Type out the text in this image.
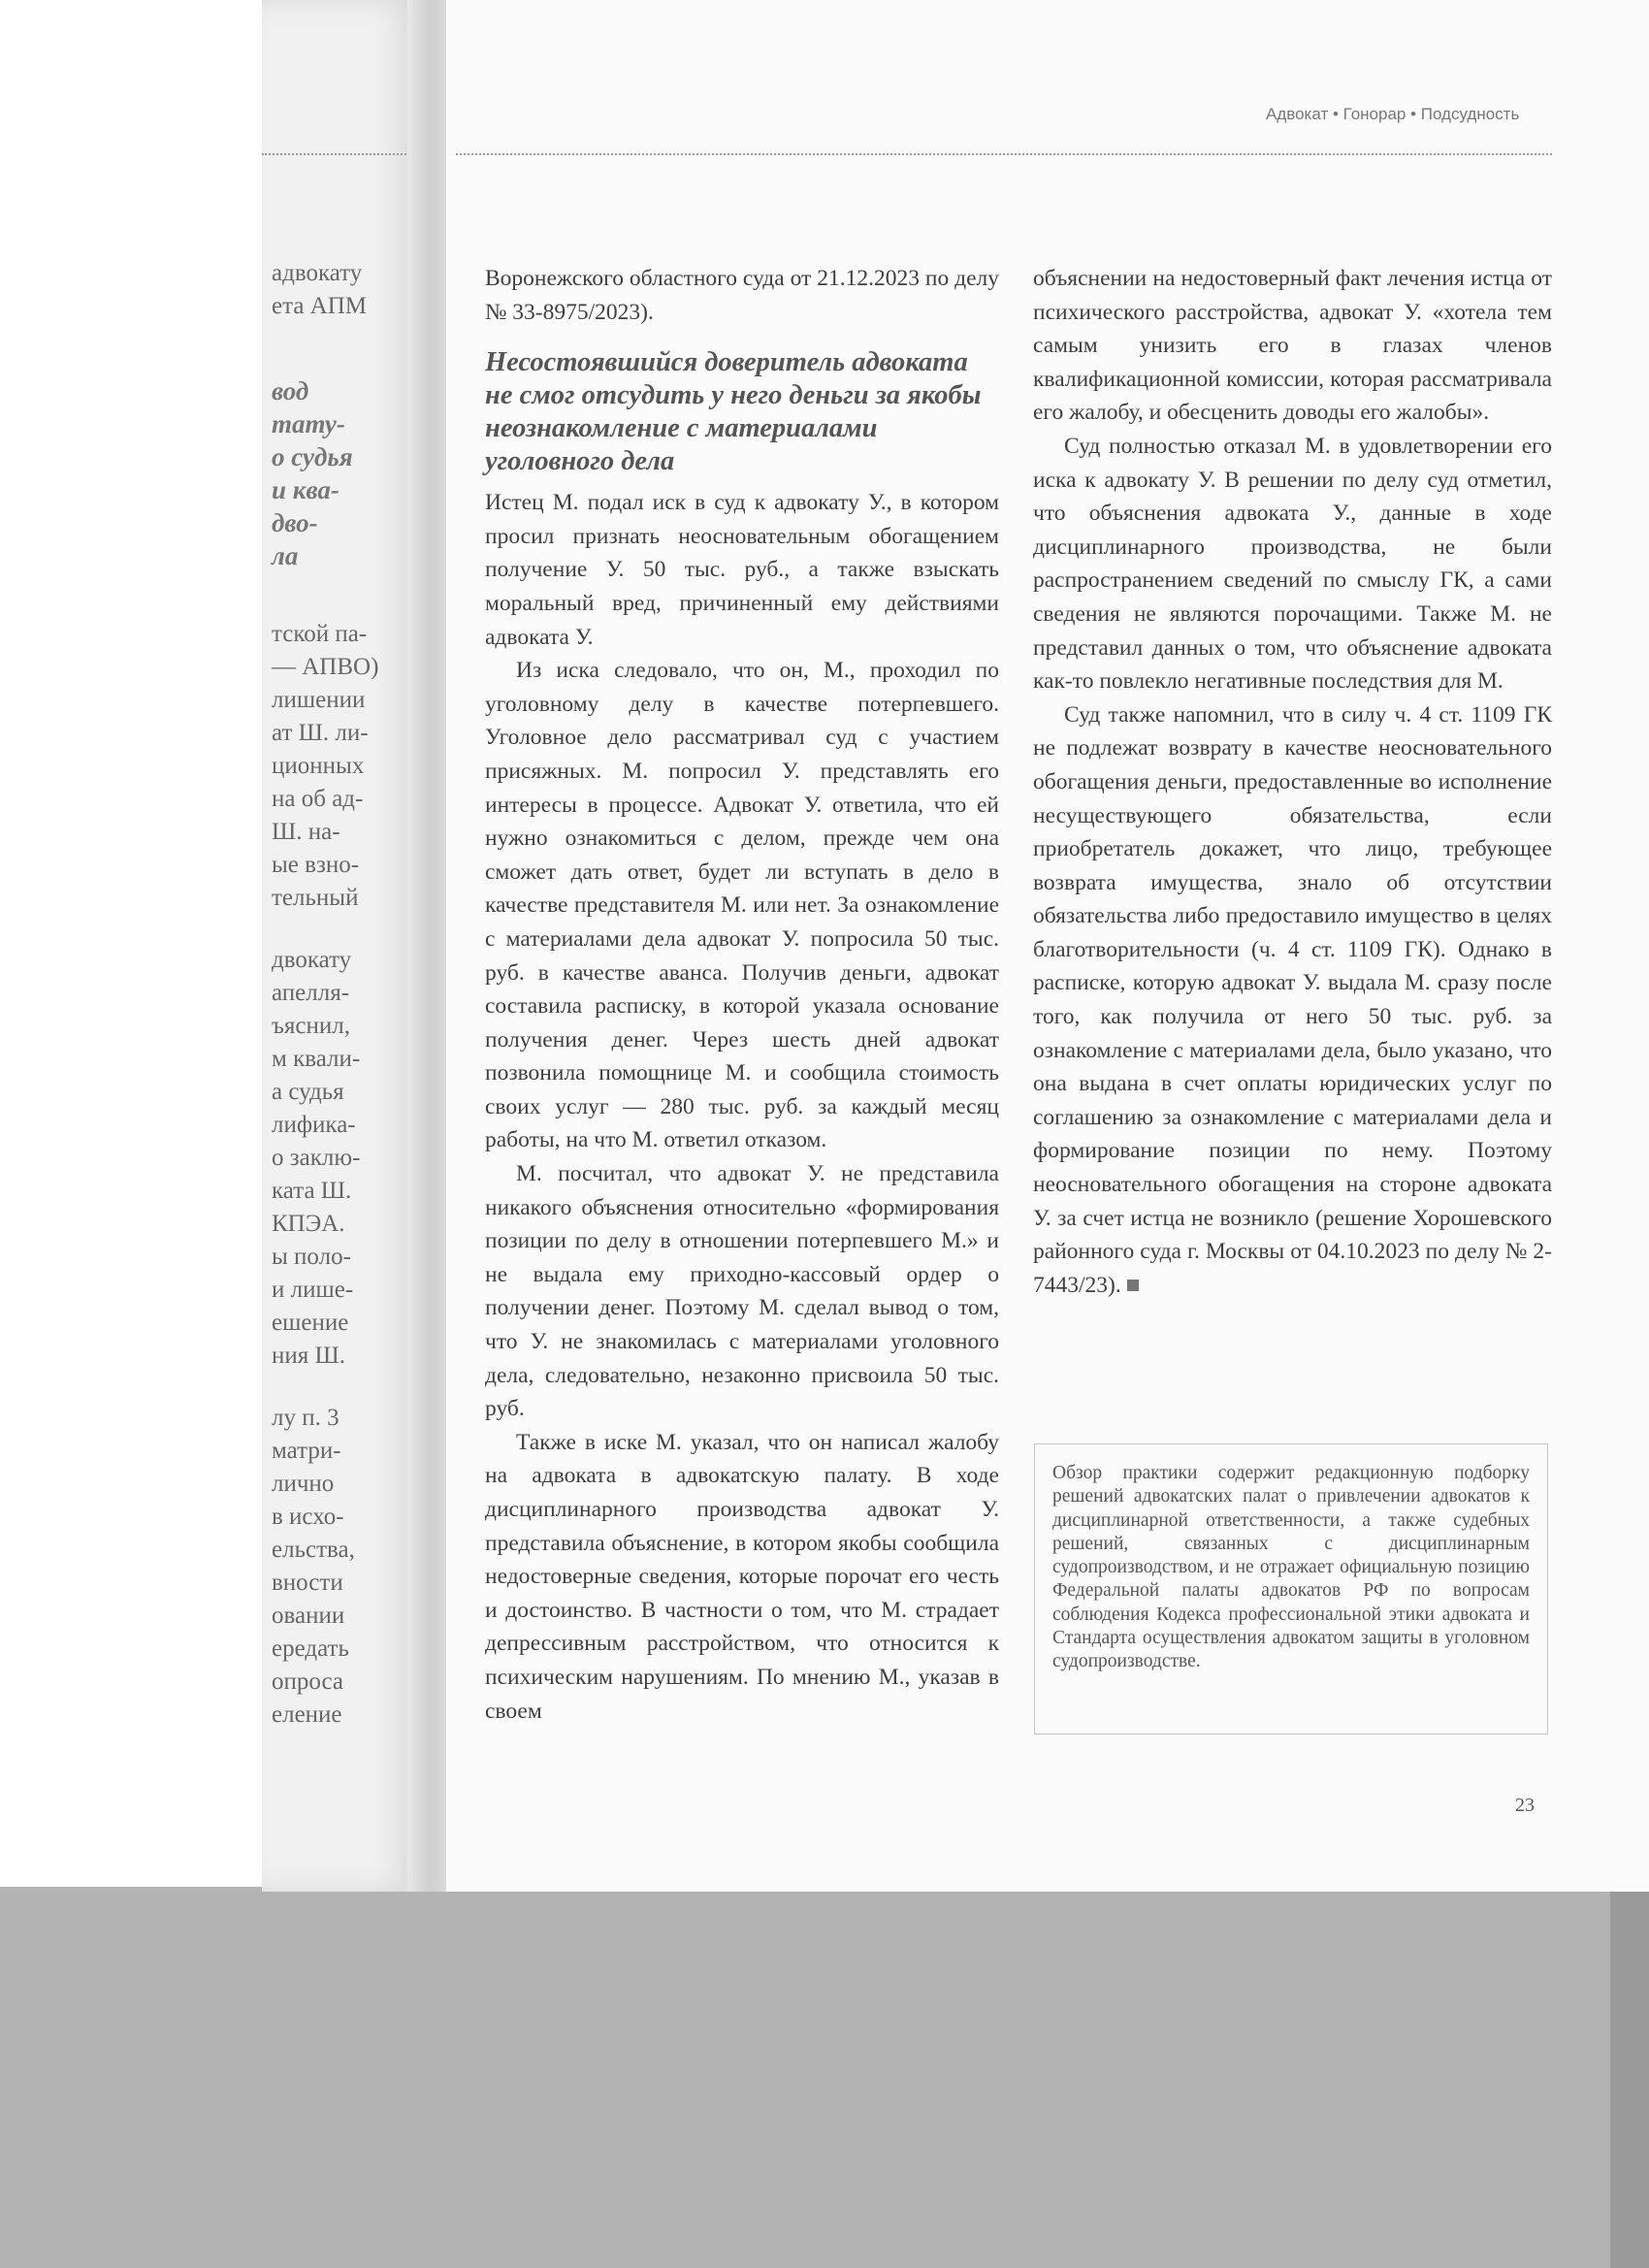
адвокату
ета АПМ
вод
тату-
о судья
и ква-
дво-
ла
тской па-
— АПВО)
лишении
ат Ш. ли-
ционных
на об ад-
Ш. на-
ые взно-
тельный
двокату
апелля-
ъяснил,
м квали-
а судья
лифика-
о заклю-
ката Ш.
КПЭА.
ы поло-
и лише-
ешение
ния Ш.
лу п. 3
матри-
лично
в исхо-
ельства,
вности
овании
ередать
опроса
еление
Адвокат • Гонорар • Подсудность

Воронежского областного суда от 21.12.2023 по делу № 33-8975/2023).

Несостоявшийся доверитель адвоката не смог отсудить у него деньги за якобы неознакомление с материалами уголовного дела

Истец М. подал иск в суд к адвокату У., в котором просил признать неосновательным обогащением получение У. 50 тыс. руб., а также взыскать моральный вред, причиненный ему действиями адвоката У.

Из иска следовало, что он, М., проходил по уголовному делу в качестве потерпевшего. Уголовное дело рассматривал суд с участием присяжных. М. попросил У. представлять его интересы в процессе. Адвокат У. ответила, что ей нужно ознакомиться с делом, прежде чем она сможет дать ответ, будет ли вступать в дело в качестве представителя М. или нет. За ознакомление с материалами дела адвокат У. попросила 50 тыс. руб. в качестве аванса. Получив деньги, адвокат составила расписку, в которой указала основание получения денег. Через шесть дней адвокат позвонила помощнице М. и сообщила стоимость своих услуг — 280 тыс. руб. за каждый месяц работы, на что М. ответил отказом.

М. посчитал, что адвокат У. не представила никакого объяснения относительно «формирования позиции по делу в отношении потерпевшего М.» и не выдала ему приходно-кассовый ордер о получении денег. Поэтому М. сделал вывод о том, что У. не знакомилась с материалами уголовного дела, следовательно, незаконно присвоила 50 тыс. руб.

Также в иске М. указал, что он написал жалобу на адвоката в адвокатскую палату. В ходе дисциплинарного производства адвокат У. представила объяснение, в котором якобы сообщила недостоверные сведения, которые порочат его честь и достоинство. В частности о том, что М. страдает депрессивным расстройством, что относится к психическим нарушениям. По мнению М., указав в своем

объяснении на недостоверный факт лечения истца от психического расстройства, адвокат У. «хотела тем самым унизить его в глазах членов квалификационной комиссии, которая рассматривала его жалобу, и обесценить доводы его жалобы».

Суд полностью отказал М. в удовлетворении его иска к адвокату У. В решении по делу суд отметил, что объяснения адвоката У., данные в ходе дисциплинарного производства, не были распространением сведений по смыслу ГК, а сами сведения не являются порочащими. Также М. не представил данных о том, что объяснение адвоката как-то повлекло негативные последствия для М.

Суд также напомнил, что в силу ч. 4 ст. 1109 ГК не подлежат возврату в качестве неосновательного обогащения деньги, предоставленные во исполнение несуществующего обязательства, если приобретатель докажет, что лицо, требующее возврата имущества, знало об отсутствии обязательства либо предоставило имущество в целях благотворительности (ч. 4 ст. 1109 ГК). Однако в расписке, которую адвокат У. выдала М. сразу после того, как получила от него 50 тыс. руб. за ознакомление с материалами дела, было указано, что она выдана в счет оплаты юридических услуг по соглашению за ознакомление с материалами дела и формирование позиции по нему. Поэтому неосновательного обогащения на стороне адвоката У. за счет истца не возникло (решение Хорошевского районного суда г. Москвы от 04.10.2023 по делу № 2-7443/23).

Обзор практики содержит редакционную подборку решений адвокатских палат о привлечении адвокатов к дисциплинарной ответственности, а также судебных решений, связанных с дисциплинарным судопроизводством, и не отражает официальную позицию Федеральной палаты адвокатов РФ по вопросам соблюдения Кодекса профессиональной этики адвоката и Стандарта осуществления адвокатом защиты в уголовном судопроизводстве.

23
